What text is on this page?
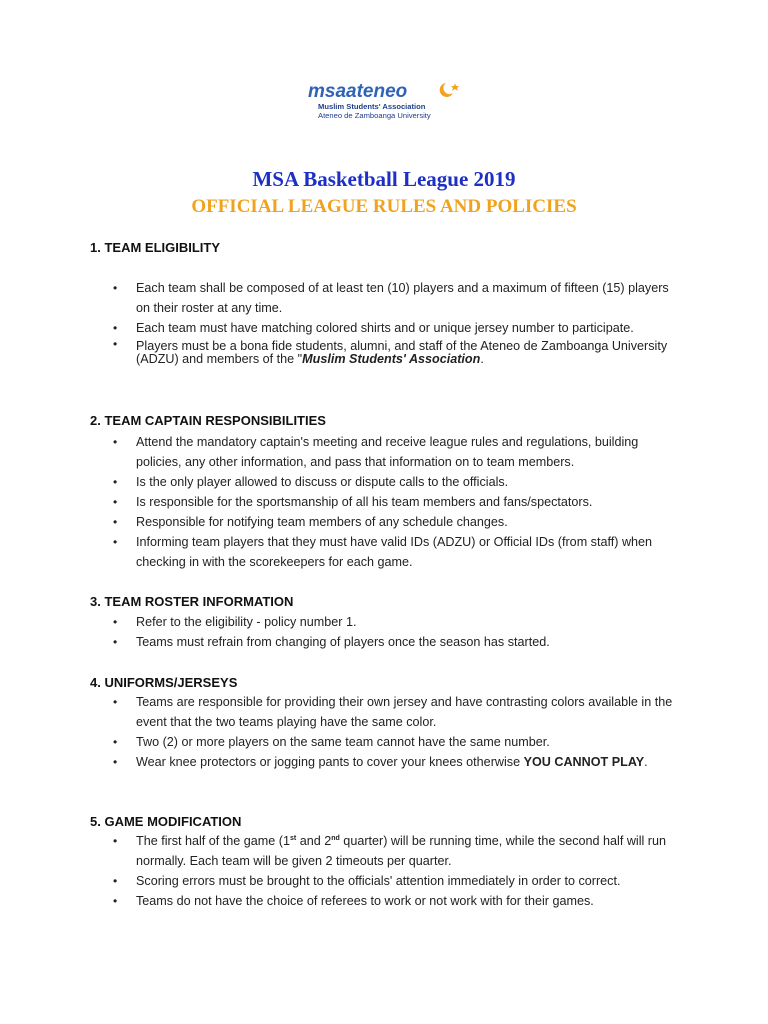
msaateneo
Muslim Students' Association
Ateneo de Zamboanga University
MSA Basketball League 2019
OFFICIAL LEAGUE RULES AND POLICIES
1. TEAM ELIGIBILITY
• Each team shall be composed of at least ten (10) players and a maximum of fifteen (15) players on their roster at any time.
• Each team must have matching colored shirts and or unique jersey number to participate.
• Players must be a bona fide students, alumni, and staff of the Ateneo de Zamboanga University (ADZU) and members of the "Muslim Students' Association.
2. TEAM CAPTAIN RESPONSIBILITIES
• Attend the mandatory captain's meeting and receive league rules and regulations, building policies, any other information, and pass that information on to team members.
• Is the only player allowed to discuss or dispute calls to the officials.
• Is responsible for the sportsmanship of all his team members and fans/spectators.
• Responsible for notifying team members of any schedule changes.
• Informing team players that they must have valid IDs (ADZU) or Official IDs (from staff) when checking in with the scorekeepers for each game.
3. TEAM ROSTER INFORMATION
• Refer to the eligibility - policy number 1.
• Teams must refrain from changing of players once the season has started.
4. UNIFORMS/JERSEYS
• Teams are responsible for providing their own jersey and have contrasting colors available in the event that the two teams playing have the same color.
• Two (2) or more players on the same team cannot have the same number.
• Wear knee protectors or jogging pants to cover your knees otherwise YOU CANNOT PLAY.
5. GAME MODIFICATION
• The first half of the game (1st and 2nd quarter) will be running time, while the second half will run normally. Each team will be given 2 timeouts per quarter.
• Scoring errors must be brought to the officials' attention immediately in order to correct.
• Teams do not have the choice of referees to work or not work with for their games.
